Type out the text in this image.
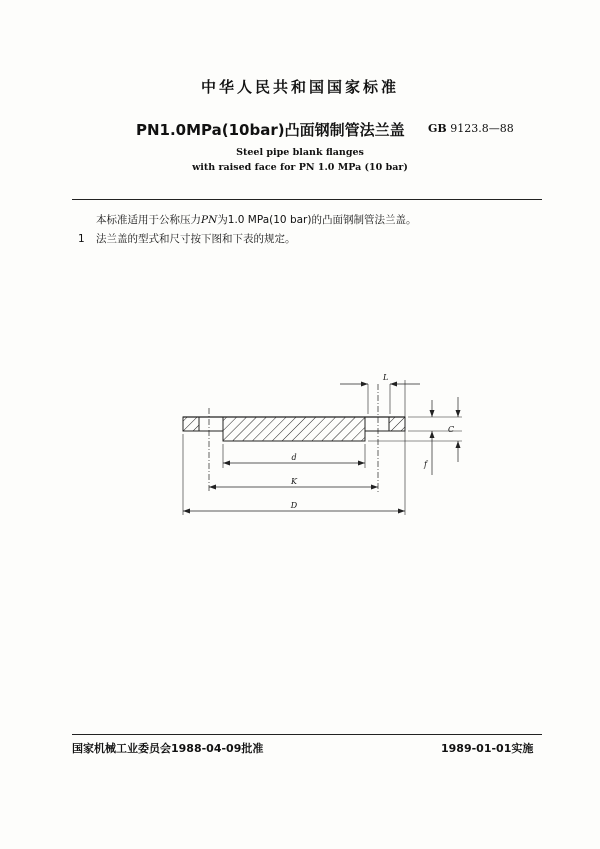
中华人民共和国国家标准
PN1.0MPa(10bar)凸面钢制管法兰盖 GB 9123.8—88
Steel pipe blank flanges
with raised face for PN 1.0 MPa (10 bar)
本标准适用于公称压力PN为1.0 MPa(10 bar)的凸面钢制管法兰盖。
1 法兰盖的型式和尺寸按下图和下表的规定。
L
C
f
d
K
D
国家机械工业委员会1988-04-09批准	1989-01-01实施
